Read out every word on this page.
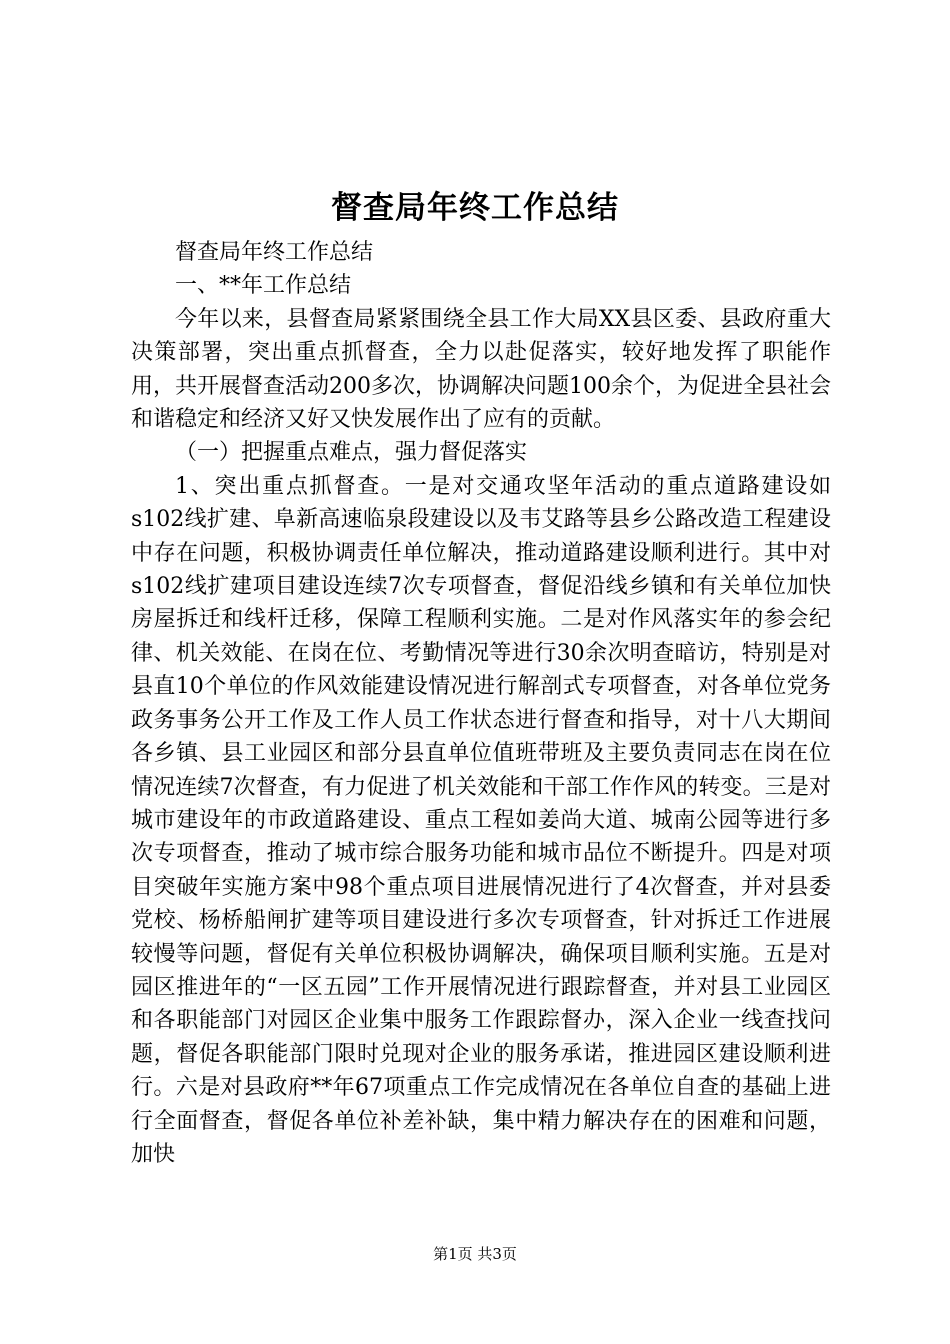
督查局年终工作总结

督查局年终工作总结

一、**年工作总结

今年以来，县督查局紧紧围绕全县工作大局XX县区委、县政府重大决策部署，突出重点抓督查，全力以赴促落实，较好地发挥了职能作用，共开展督查活动200多次，协调解决问题100余个，为促进全县社会和谐稳定和经济又好又快发展作出了应有的贡献。

（一）把握重点难点，强力督促落实

1、突出重点抓督查。一是对交通攻坚年活动的重点道路建设如s102线扩建、阜新高速临泉段建设以及韦艾路等县乡公路改造工程建设中存在问题，积极协调责任单位解决，推动道路建设顺利进行。其中对s102线扩建项目建设连续7次专项督查，督促沿线乡镇和有关单位加快房屋拆迁和线杆迁移，保障工程顺利实施。二是对作风落实年的参会纪律、机关效能、在岗在位、考勤情况等进行30余次明查暗访，特别是对县直10个单位的作风效能建设情况进行解剖式专项督查，对各单位党务政务事务公开工作及工作人员工作状态进行督查和指导，对十八大期间各乡镇、县工业园区和部分县直单位值班带班及主要负责同志在岗在位情况连续7次督查，有力促进了机关效能和干部工作作风的转变。三是对城市建设年的市政道路建设、重点工程如姜尚大道、城南公园等进行多次专项督查，推动了城市综合服务功能和城市品位不断提升。四是对项目突破年实施方案中98个重点项目进展情况进行了4次督查，并对县委党校、杨桥船闸扩建等项目建设进行多次专项督查，针对拆迁工作进展较慢等问题，督促有关单位积极协调解决，确保项目顺利实施。五是对园区推进年的“一区五园”工作开展情况进行跟踪督查，并对县工业园区和各职能部门对园区企业集中服务工作跟踪督办，深入企业一线查找问题，督促各职能部门限时兑现对企业的服务承诺，推进园区建设顺利进行。六是对县政府**年67项重点工作完成情况在各单位自查的基础上进行全面督查，督促各单位补差补缺，集中精力解决存在的困难和问题，加快

第1页 共3页
